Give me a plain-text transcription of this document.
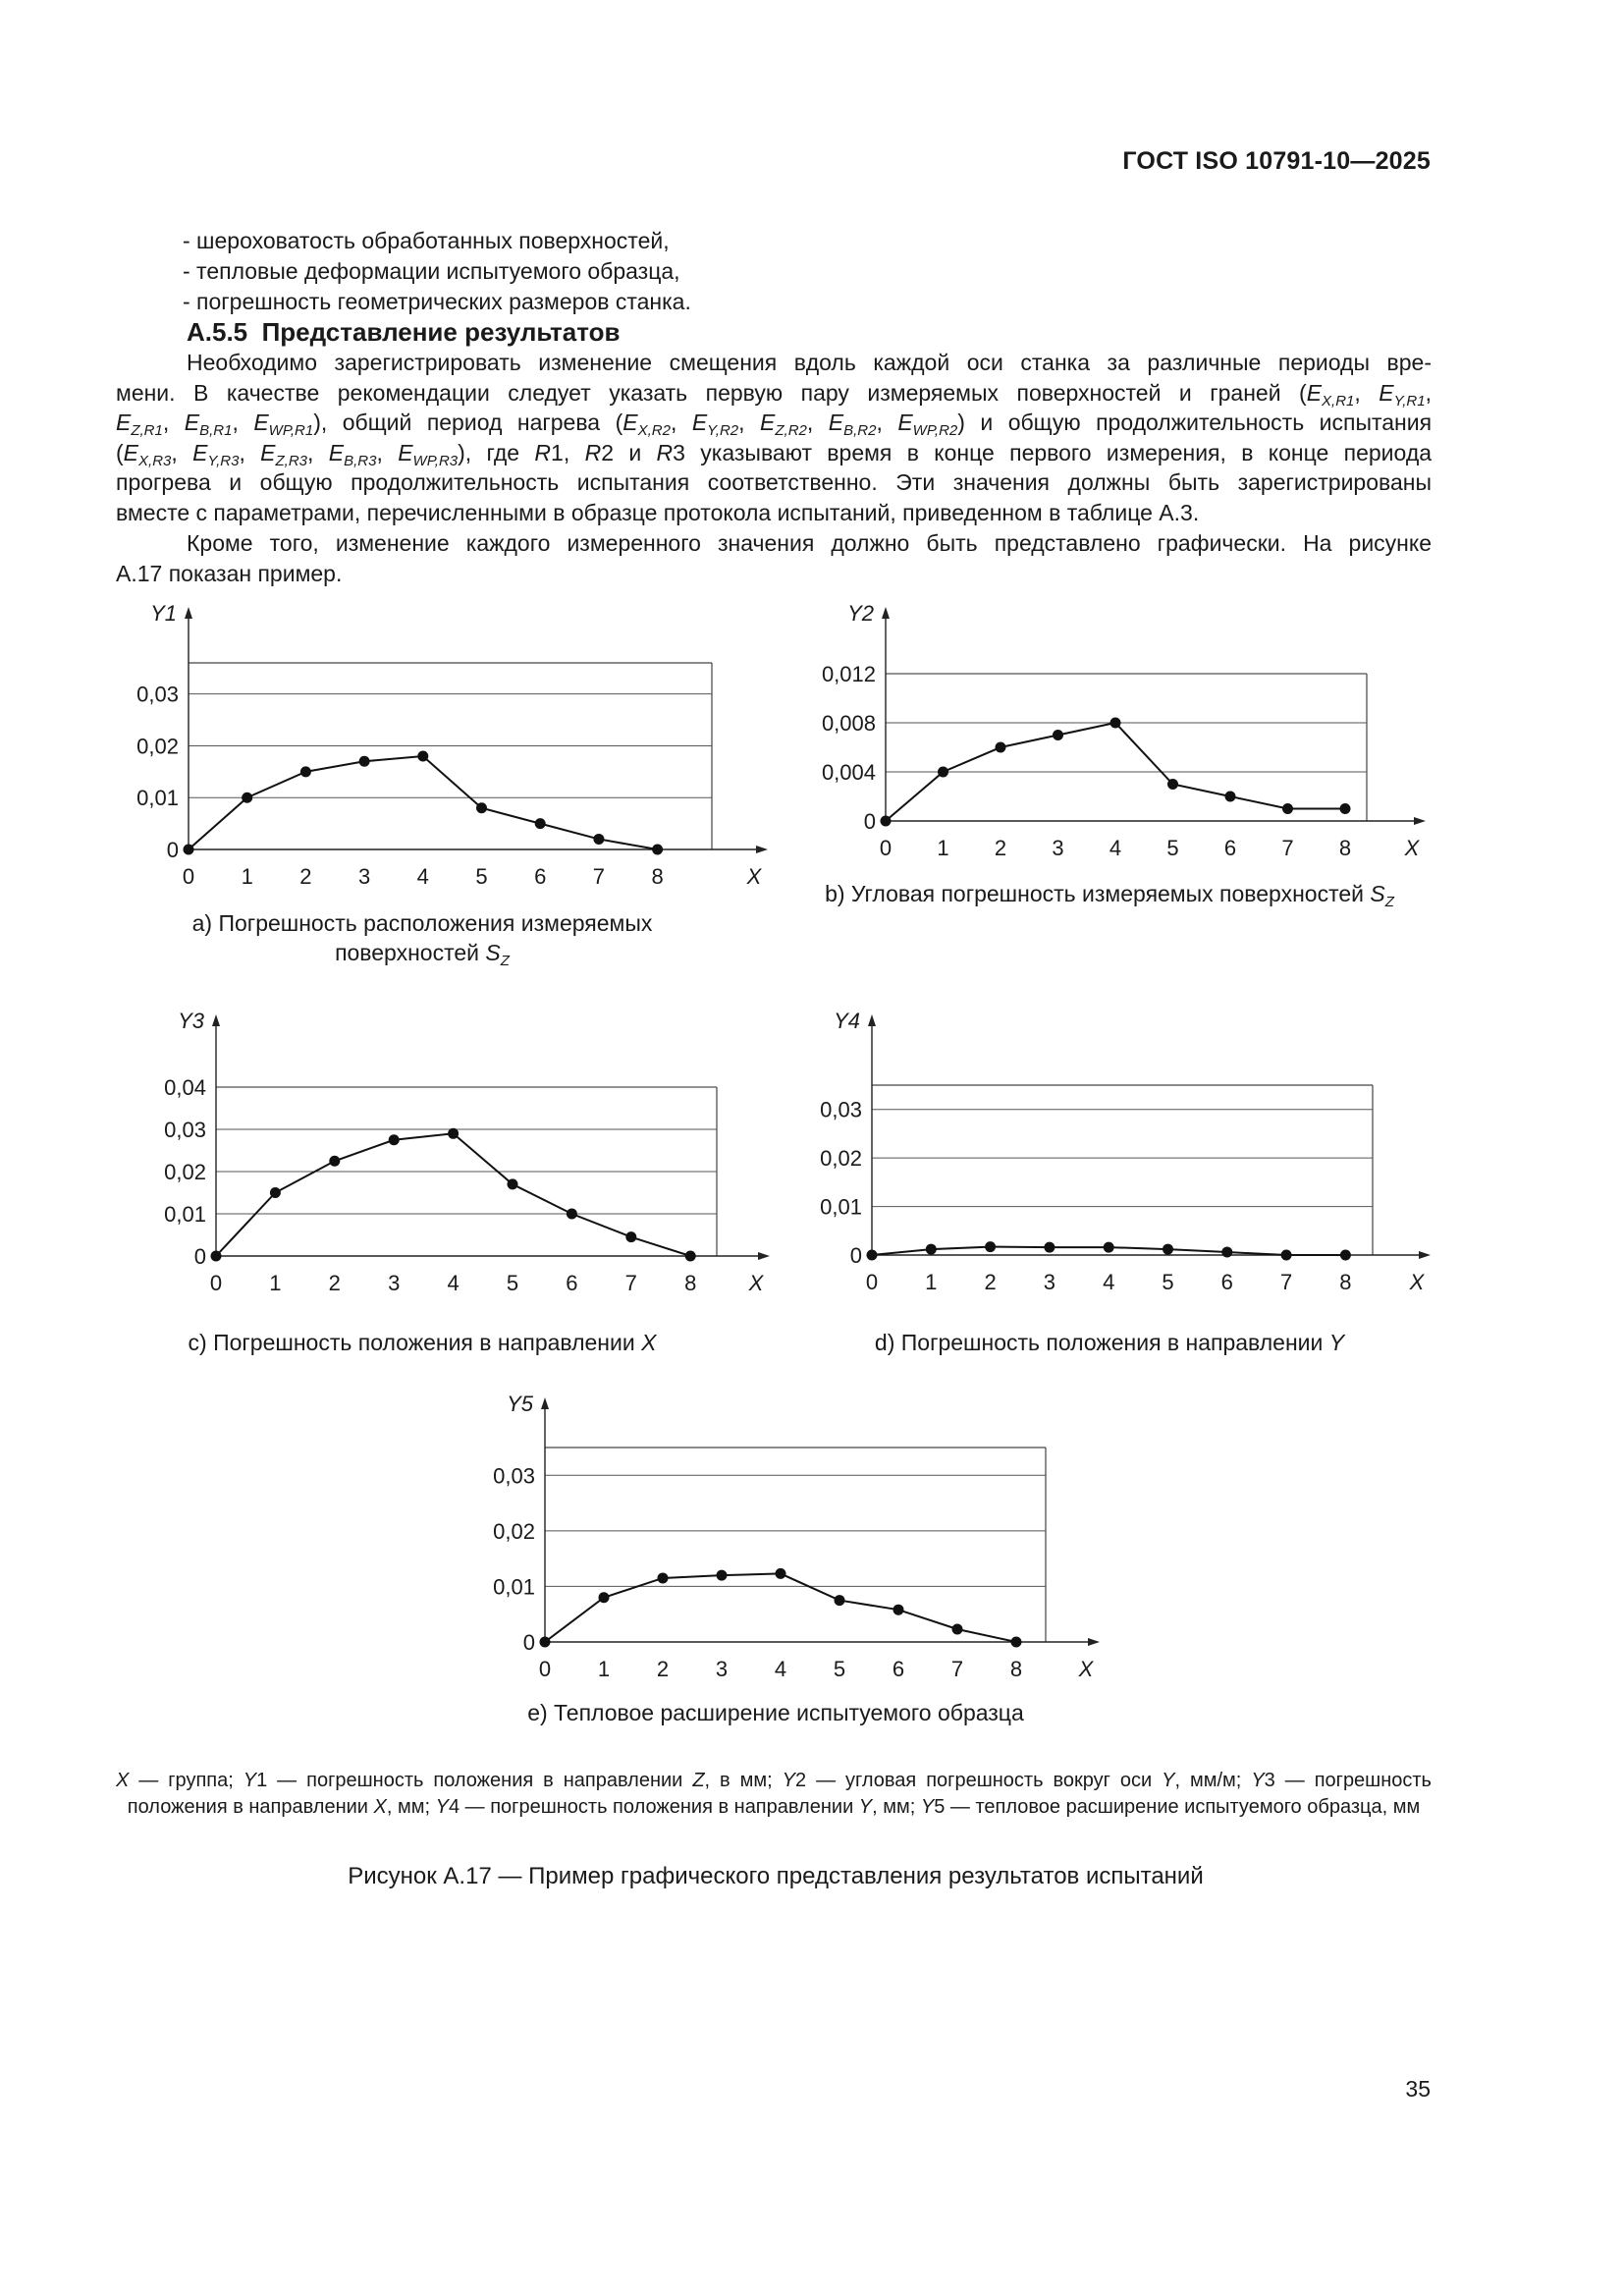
ГОСТ ISO 10791-10—2025
- шероховатость обработанных поверхностей,
- тепловые деформации испытуемого образца,
- погрешность геометрических размеров станка.
А.5.5 Представление результатов
Необходимо зарегистрировать изменение смещения вдоль каждой оси станка за различные периоды вре-
мени. В качестве рекомендации следует указать первую пару измеряемых поверхностей и граней ($E_{X,R1}$, $E_{Y,R1}$,
$E_{Z,R1}$, $E_{B,R1}$, $E_{WP,R1}$), общий период нагрева ($E_{X,R2}$, $E_{Y,R2}$, $E_{Z,R2}$, $E_{B,R2}$, $E_{WP,R2}$) и общую продолжительность испытания
($E_{X,R3}$, $E_{Y,R3}$, $E_{Z,R3}$, $E_{B,R3}$, $E_{WP,R3}$), где R1, R2 и R3 указывают время в конце первого измерения, в конце периода
прогрева и общую продолжительность испытания соответственно. Эти значения должны быть зарегистрированы
вместе с параметрами, перечисленными в образце протокола испытаний, приведенном в таблице А.3.
Кроме того, изменение каждого измеренного значения должно быть представлено графически. На рисунке
А.17 показан пример.
0
0,01
0,02
0,03
Y1
0 1 2 3 4 5 6 7 8	X
0
0,004
0,008
0,012
Y2
0 1 2 3 4 5 6 7 8 X
0
0,01
0,02
0,03
0,04
Y3
0 1 2 3 4 5 6 7 8 X
0
0,01
0,02
0,03
Y4
0 1 2 3 4 5 6 7 8	X
0
0,01
0,02
0,03
Y5
0 1 2 3 4 5 6 7 8	X
a) Погрешность расположения измеряемых
поверхностей $S_Z$
b) Угловая погрешность измеряемых поверхностей $S_Z$
c) Погрешность положения в направлении X	d) Погрешность положения в направлении Y
e) Тепловое расширение испытуемого образца
X — группа; Y1 — погрешность положения в направлении Z, в мм; Y2 — угловая погрешность вокруг оси Y, мм/м; Y3 — погрешность положения в направлении X, мм; Y4 — погрешность положения в направлении Y, мм; Y5 — тепловое расширение испытуемого образца, мм
Рисунок А.17 — Пример графического представления результатов испытаний
35
